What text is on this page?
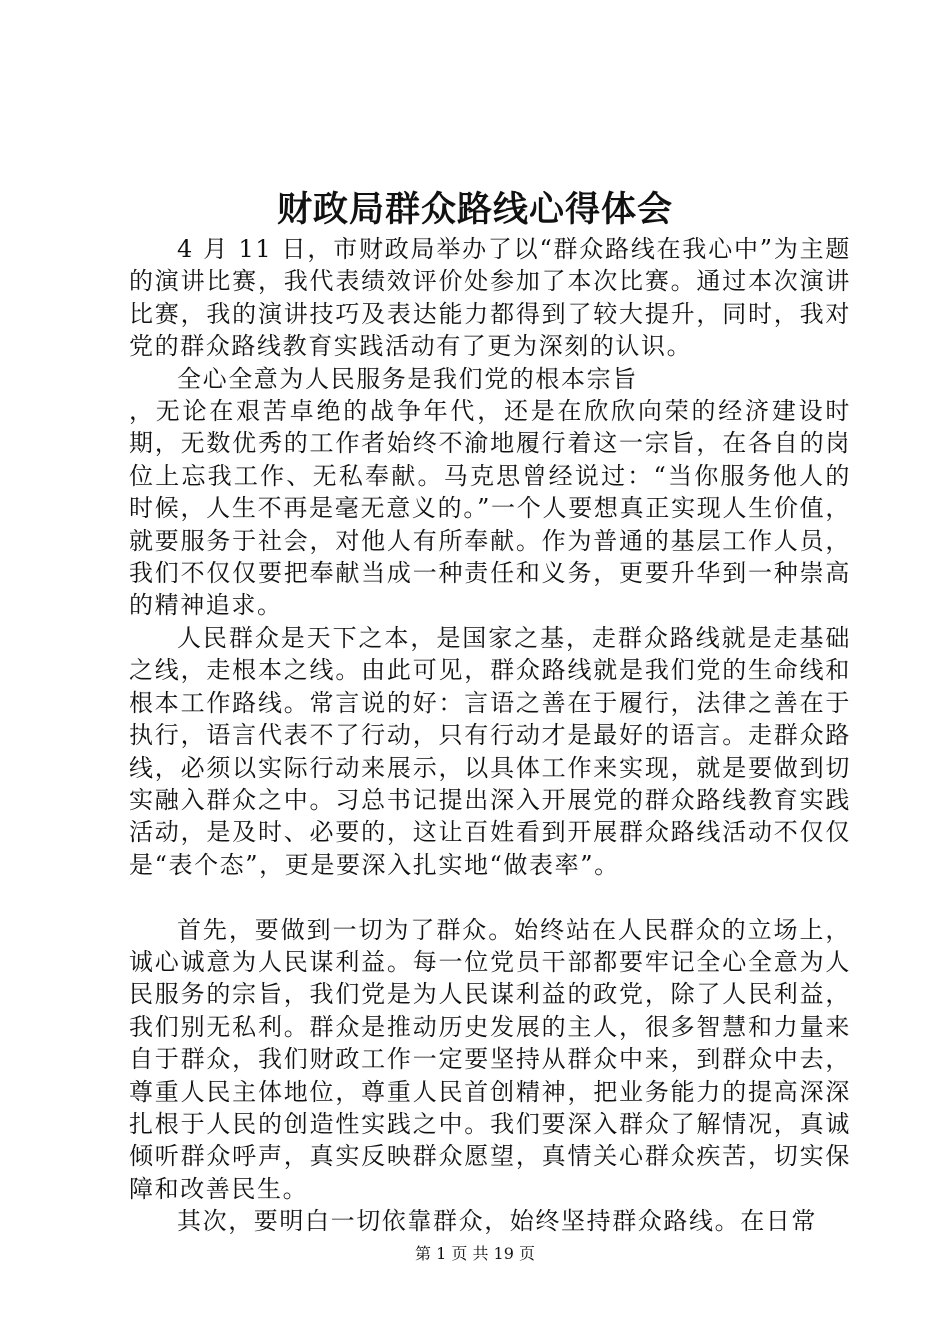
财政局群众路线心得体会

4 月 11 日，市财政局举办了以“群众路线在我心中”为主题的演讲比赛，我代表绩效评价处参加了本次比赛。通过本次演讲比赛，我的演讲技巧及表达能力都得到了较大提升，同时，我对党的群众路线教育实践活动有了更为深刻的认识。

全心全意为人民服务是我们党的根本宗旨

，无论在艰苦卓绝的战争年代，还是在欣欣向荣的经济建设时期，无数优秀的工作者始终不渝地履行着这一宗旨，在各自的岗位上忘我工作、无私奉献。马克思曾经说过：“当你服务他人的时候，人生不再是毫无意义的。”一个人要想真正实现人生价值，就要服务于社会，对他人有所奉献。作为普通的基层工作人员，我们不仅仅要把奉献当成一种责任和义务，更要升华到一种崇高的精神追求。

人民群众是天下之本，是国家之基，走群众路线就是走基础之线，走根本之线。由此可见，群众路线就是我们党的生命线和根本工作路线。常言说的好：言语之善在于履行，法律之善在于执行，语言代表不了行动，只有行动才是最好的语言。走群众路线，必须以实际行动来展示，以具体工作来实现，就是要做到切实融入群众之中。习总书记提出深入开展党的群众路线教育实践活动，是及时、必要的，这让百姓看到开展群众路线活动不仅仅是“表个态”，更是要深入扎实地“做表率”。

首先，要做到一切为了群众。始终站在人民群众的立场上，诚心诚意为人民谋利益。每一位党员干部都要牢记全心全意为人民服务的宗旨，我们党是为人民谋利益的政党，除了人民利益，我们别无私利。群众是推动历史发展的主人，很多智慧和力量来自于群众，我们财政工作一定要坚持从群众中来，到群众中去，尊重人民主体地位，尊重人民首创精神，把业务能力的提高深深扎根于人民的创造性实践之中。我们要深入群众了解情况，真诚倾听群众呼声，真实反映群众愿望，真情关心群众疾苦，切实保障和改善民生。

其次，要明白一切依靠群众，始终坚持群众路线。在日常

第 1 页 共 19 页
